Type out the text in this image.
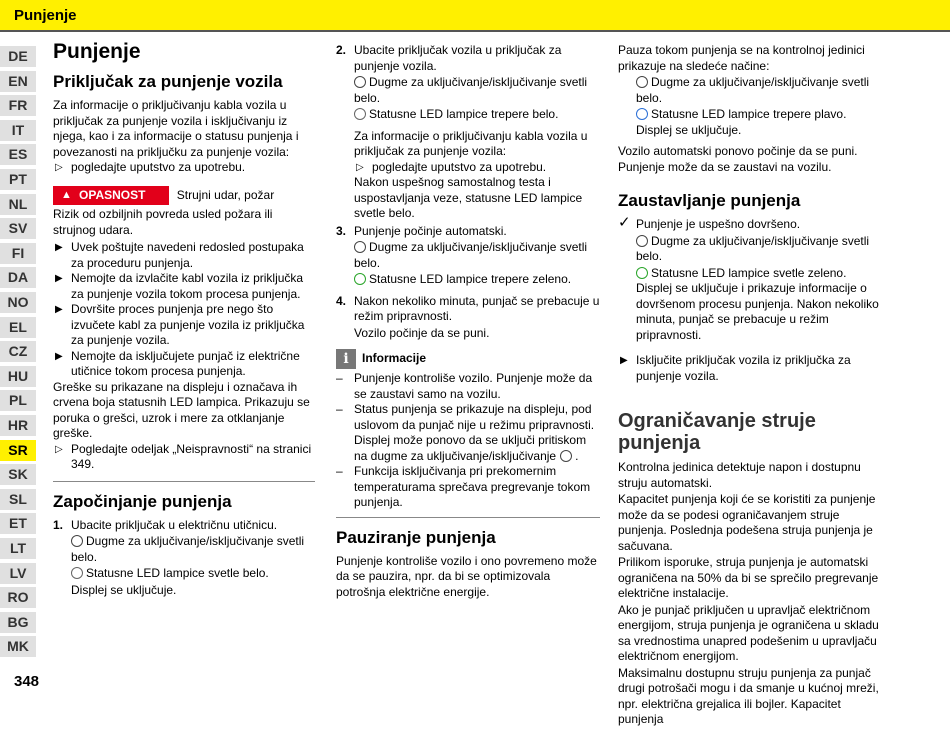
Punjenje
DE
EN
FR
IT
ES
PT
NL
SV
FI
DA
NO
EL
CZ
HU
PL
HR
SR
SK
SL
ET
LT
LV
RO
BG
MK
348
Punjenje
Priključak za punjenje vozila

Za informacije o priključivanju kabla vozila u priključak za punjenje vozila i isključivanju iz njega, kao i za informacije o statusu punjenja i povezanosti na priključku za punjenje vozila:

▷ pogledajte uputstvo za upotrebu.
▲ OPASNOST	Strujni udar, požar

Rizik od ozbiljnih povreda usled požara ili strujnog udara.

▶ Uvek poštujte navedeni redosled postupaka za proceduru punjenja.
▶ Nemojte da izvlačite kabl vozila iz priključka za punjenje vozila tokom procesa punjenja.
▶ Dovršite proces punjenja pre nego što izvučete kabl za punjenje vozila iz priključka za punjenje vozila.
▶ Nemojte da isključujete punjač iz električne utičnice tokom procesa punjenja.

Greške su prikazane na displeju i označava ih crvena boja statusnih LED lampica. Prikazuju se poruka o grešci, uzrok i mere za otklanjanje greške.

▷ Pogledajte odeljak „Neispravnosti“ na stranici 349.
Započinjanje punjenja
1. Ubacite priključak u električnu utičnicu.

Dugme za uključivanje/isključivanje svetli belo.

Statusne LED lampice svetle belo.

Displej se uključuje.

2. Ubacite priključak vozila u priključak za punjenje vozila.

Dugme za uključivanje/isključivanje svetli belo.

Statusne LED lampice trepere belo.

Za informacije o priključivanju kabla vozila u priključak za punjenje vozila:

▷ pogledajte uputstvo za upotrebu.

Nakon uspešnog samostalnog testa i uspostavljanja veze, statusne LED lampice svetle belo.

3. Punjenje počinje automatski.

Dugme za uključivanje/isključivanje svetli belo.

Statusne LED lampice trepere zeleno.

4. Nakon nekoliko minuta, punjač se prebacuje u režim pripravnosti.

Vozilo počinje da se puni.

i	Informacije
– Punjenje kontroliše vozilo. Punjenje može da se zaustavi samo na vozilu.
– Status punjenja se prikazuje na displeju, pod uslovom da punjač nije u režimu pripravnosti. Displej može ponovo da se uključi pritiskom na dugme za uključivanje/isključivanje .
– Funkcija isključivanja pri prekomernim temperaturama sprečava pregrevanje tokom punjenja.
Pauziranje punjenja

Punjenje kontroliše vozilo i ono povremeno može da se pauzira, npr. da bi se optimizovala potrošnja električne energije.

Pauza tokom punjenja se na kontrolnoj jedinici prikazuje na sledeće načine:

Dugme za uključivanje/isključivanje svetli belo.

Statusne LED lampice trepere plavo.

Displej se uključuje.

Vozilo automatski ponovo počinje da se puni. Punjenje može da se zaustavi na vozilu.

Zaustavljanje punjenja
✓ Punjenje je uspešno dovršeno.

Dugme za uključivanje/isključivanje svetli belo.

Statusne LED lampice svetle zeleno.

Displej se uključuje i prikazuje informacije o dovršenom procesu punjenja. Nakon nekoliko minuta, punjač se prebacuje u režim pripravnosti.

▶ Isključite priključak vozila iz priključka za punjenje vozila.
Ograničavanje struje punjenja

Kontrolna jedinica detektuje napon i dostupnu struju automatski.

Kapacitet punjenja koji će se koristiti za punjenje može da se podesi ograničavanjem struje punjenja. Poslednja podešena struja punjenja je sačuvana.

Prilikom isporuke, struja punjenja je automatski ograničena na 50% da bi se sprečilo pregrevanje električne instalacije.

Ako je punjač priključen u upravljač električnom energijom, struja punjenja je ograničena u skladu sa vrednostima unapred podešenim u upravljaču električnom energijom.

Maksimalnu dostupnu struju punjenja za punjač drugi potrošači mogu i da smanje u kućnoj mreži, npr. električna grejalica ili bojler. Kapacitet punjenja
